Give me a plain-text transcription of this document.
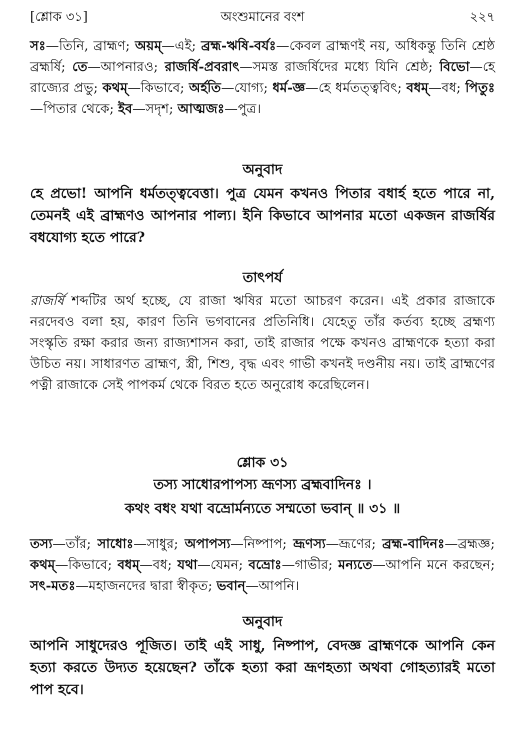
[শ্লোক ৩১]	অংশুমানের বংশ	২২৭

সঃ—তিনি, ব্রাহ্মণ; অয়ম্—এই; ব্রহ্ম-ঋষি-বর্যঃ—কেবল ব্রাহ্মণই নয়, অধিকন্তু তিনি শ্রেষ্ঠ ব্রহ্মর্ষি; তে—আপনারও; রাজর্ষি-প্রবরাৎ—সমস্ত রাজর্ষিদের মধ্যে যিনি শ্রেষ্ঠ; বিভো—হে রাজ্যের প্রভু; কথম্—কিভাবে; অর্হতি—যোগ্য; ধর্ম-জ্ঞ—হে ধর্মতত্ত্ববিৎ; বধম্—বধ; পিতুঃ—পিতার থেকে; ইব—সদৃশ; আত্মজঃ—পুত্র।

অনুবাদ

হে প্রভো! আপনি ধর্মতত্ত্ববেত্তা। পুত্র যেমন কখনও পিতার বধার্হ হতে পারে না, তেমনই এই ব্রাহ্মণও আপনার পাল্য। ইনি কিভাবে আপনার মতো একজন রাজর্ষির বধযোগ্য হতে পারে?

তাৎপর্য

রাজর্ষি শব্দটির অর্থ হচ্ছে, যে রাজা ঋষির মতো আচরণ করেন। এই প্রকার রাজাকে নরদেবও বলা হয়, কারণ তিনি ভগবানের প্রতিনিধি। যেহেতু তাঁর কর্তব্য হচ্ছে ব্রহ্মণ্য সংস্কৃতি রক্ষা করার জন্য রাজ্যশাসন করা, তাই রাজার পক্ষে কখনও ব্রাহ্মণকে হত্যা করা উচিত নয়। সাধারণত ব্রাহ্মণ, স্ত্রী, শিশু, বৃদ্ধ এবং গাভী কখনই দণ্ডনীয় নয়। তাই ব্রাহ্মণের পত্নী রাজাকে সেই পাপকর্ম থেকে বিরত হতে অনুরোধ করেছিলেন।

শ্লোক ৩১
তস্য সাধোরপাপস্য ভ্রূণস্য ব্রহ্মবাদিনঃ ।
কথং বধং যথা বভ্রোর্মন্যতে সম্মতো ভবান্ ॥ ৩১ ॥

তস্য—তাঁর; সাধোঃ—সাধুর; অপাপস্য—নিষ্পাপ; ভ্রূণস্য—ভ্রূণের; ব্রহ্ম-বাদিনঃ—ব্রহ্মজ্ঞ; কথম্—কিভাবে; বধম্—বধ; যথা—যেমন; বভ্রোঃ—গাভীর; মন্যতে—আপনি মনে করছেন; সৎ-মতঃ—মহাজনদের দ্বারা স্বীকৃত; ভবান্—আপনি।

অনুবাদ

আপনি সাধুদেরও পূজিত। তাই এই সাধু, নিষ্পাপ, বেদজ্ঞ ব্রাহ্মণকে আপনি কেন হত্যা করতে উদ্যত হয়েছেন? তাঁকে হত্যা করা ভ্রূণহত্যা অথবা গোহত্যারই মতো পাপ হবে।
